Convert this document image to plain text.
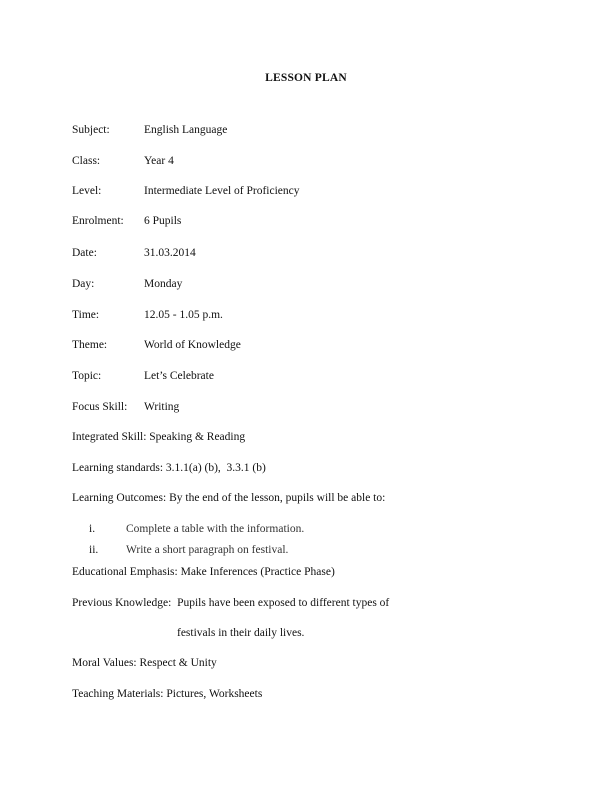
LESSON PLAN
Subject:	English Language
Class:	Year 4
Level:	Intermediate Level of Proficiency
Enrolment: 6 Pupils
Date:	31.03.2014
Day:	Monday
Time:	12.05 - 1.05 p.m.
Theme:	World of Knowledge
Topic:	Let’s Celebrate
Focus Skill: Writing
Integrated Skill: Speaking & Reading
Learning standards: 3.1.1(a) (b),  3.3.1 (b)
Learning Outcomes: By the end of the lesson, pupils will be able to:
i.	Complete a table with the information.
ii. Write a short paragraph on festival.
Educational Emphasis: Make Inferences (Practice Phase)
Previous Knowledge:  Pupils have been exposed to different types of
festivals in their daily lives.
Moral Values: Respect & Unity
Teaching Materials: Pictures, Worksheets
